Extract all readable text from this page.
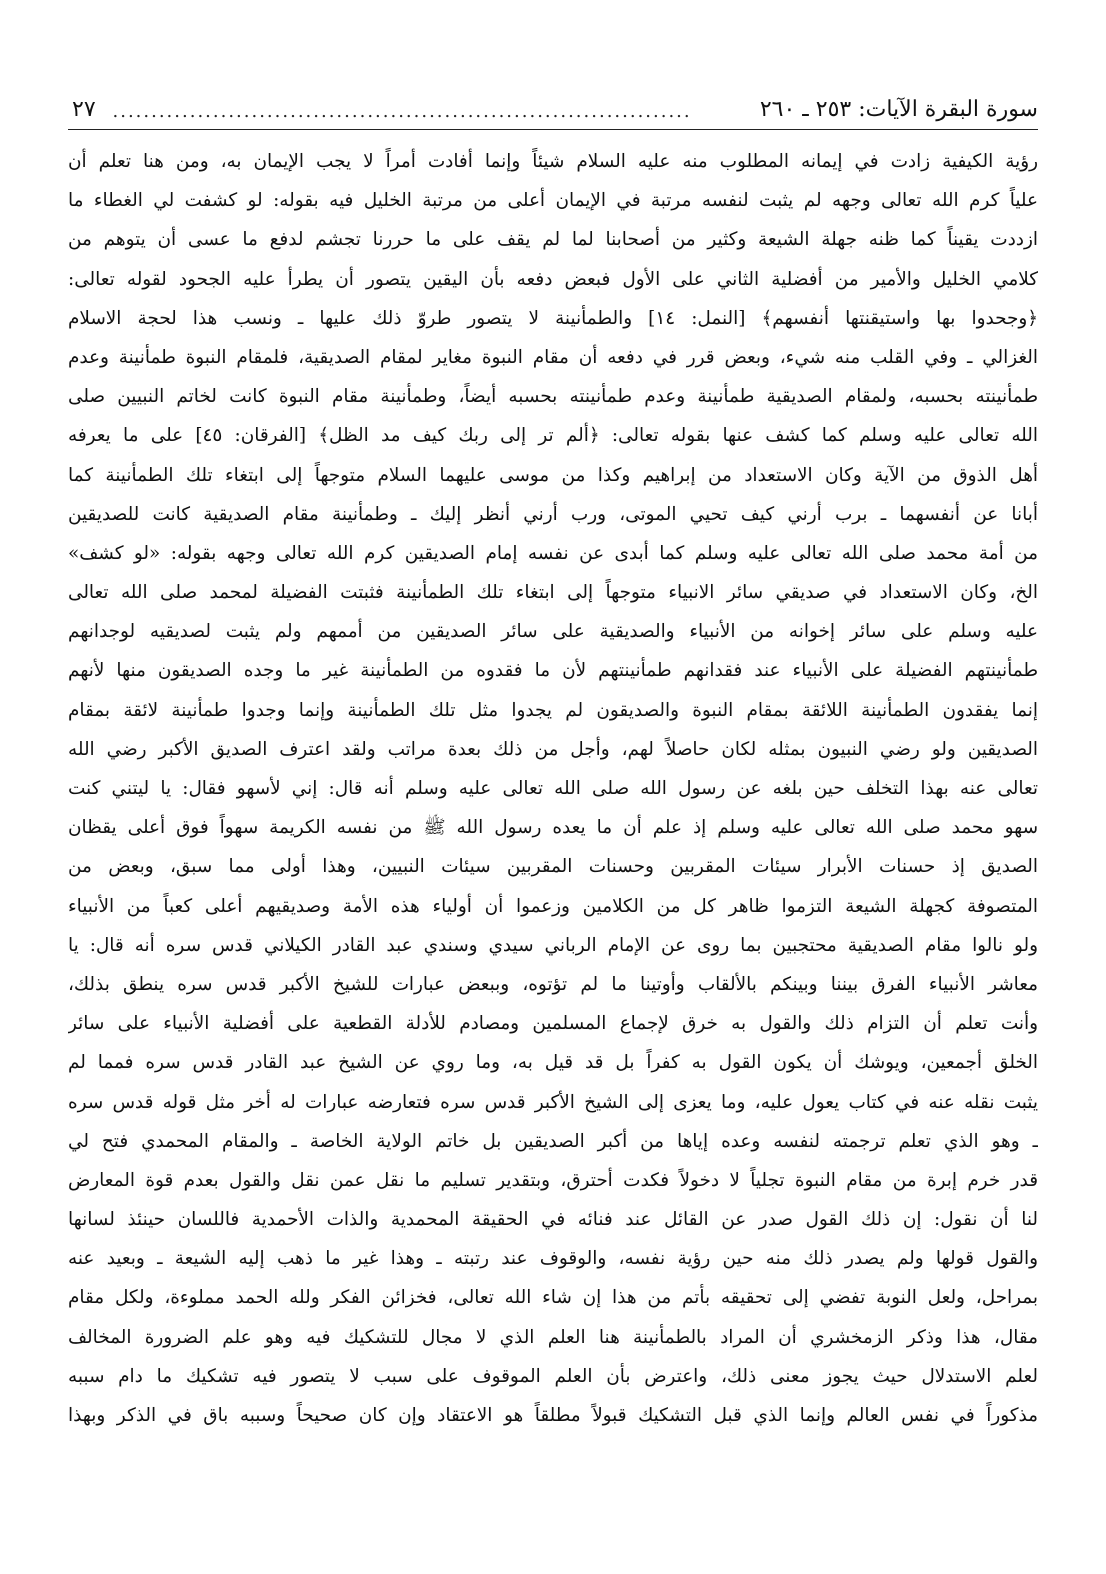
سورة البقرة الآيات: ٢٥٣ ـ ٢٦٠
...........................................................................
٢٧
رؤية الكيفية زادت في إيمانه المطلوب منه عليه السلام شيئاً وإنما أفادت أمراً لا يجب الإيمان به، ومن هنا تعلم أن
علياً كرم الله تعالى وجهه لم يثبت لنفسه مرتبة في الإيمان أعلى من مرتبة الخليل فيه بقوله: لو كشفت لي الغطاء ما
ازددت يقيناً كما ظنه جهلة الشيعة وكثير من أصحابنا لما لم يقف على ما حررنا تجشم لدفع ما عسى أن يتوهم من
كلامي الخليل والأمير من أفضلية الثاني على الأول فبعض دفعه بأن اليقين يتصور أن يطرأ عليه الجحود لقوله تعالى:
﴿وجحدوا بها واستيقنتها أنفسهم﴾ [النمل: ١٤] والطمأنينة لا يتصور طروّ ذلك عليها ـ ونسب هذا لحجة الاسلام
الغزالي ـ وفي القلب منه شيء، وبعض قرر في دفعه أن مقام النبوة مغاير لمقام الصديقية، فلمقام النبوة طمأنينة وعدم
طمأنينته بحسبه، ولمقام الصديقية طمأنينة وعدم طمأنينته بحسبه أيضاً، وطمأنينة مقام النبوة كانت لخاتم النبيين صلى
الله تعالى عليه وسلم كما كشف عنها بقوله تعالى: ﴿ألم تر إلى ربك كيف مد الظل﴾ [الفرقان: ٤٥] على ما يعرفه
أهل الذوق من الآية وكان الاستعداد من إبراهيم وكذا من موسى عليهما السلام متوجهاً إلى ابتغاء تلك الطمأنينة كما
أبانا عن أنفسهما ـ برب أرني كيف تحيي الموتى، ورب أرني أنظر إليك ـ وطمأنينة مقام الصديقية كانت للصديقين
من أمة محمد صلى الله تعالى عليه وسلم كما أبدى عن نفسه إمام الصديقين كرم الله تعالى وجهه بقوله: «لو كشف»
الخ، وكان الاستعداد في صديقي سائر الانبياء متوجهاً إلى ابتغاء تلك الطمأنينة فثبتت الفضيلة لمحمد صلى الله تعالى
عليه وسلم على سائر إخوانه من الأنبياء والصديقية على سائر الصديقين من أممهم ولم يثبت لصديقيه لوجدانهم
طمأنينتهم الفضيلة على الأنبياء عند فقدانهم طمأنينتهم لأن ما فقدوه من الطمأنينة غير ما وجده الصديقون منها لأنهم
إنما يفقدون الطمأنينة اللائقة بمقام النبوة والصديقون لم يجدوا مثل تلك الطمأنينة وإنما وجدوا طمأنينة لائقة بمقام
الصديقين ولو رضي النبيون بمثله لكان حاصلاً لهم، وأجل من ذلك بعدة مراتب ولقد اعترف الصديق الأكبر رضي الله
تعالى عنه بهذا التخلف حين بلغه عن رسول الله صلى الله تعالى عليه وسلم أنه قال: إني لأسهو فقال: يا ليتني كنت
سهو محمد صلى الله تعالى عليه وسلم إذ علم أن ما يعده رسول الله ﷺ من نفسه الكريمة سهواً فوق أعلى يقظان
الصديق إذ حسنات الأبرار سيئات المقربين وحسنات المقربين سيئات النبيين، وهذا أولى مما سبق، وبعض من
المتصوفة كجهلة الشيعة التزموا ظاهر كل من الكلامين وزعموا أن أولياء هذه الأمة وصديقيهم أعلى كعباً من الأنبياء
ولو نالوا مقام الصديقية محتجبين بما روى عن الإمام الرباني سيدي وسندي عبد القادر الكيلاني قدس سره أنه قال: يا
معاشر الأنبياء الفرق بيننا وبينكم بالألقاب وأوتينا ما لم تؤتوه، وببعض عبارات للشيخ الأكبر قدس سره ينطق بذلك،
وأنت تعلم أن التزام ذلك والقول به خرق لإجماع المسلمين ومصادم للأدلة القطعية على أفضلية الأنبياء على سائر
الخلق أجمعين، ويوشك أن يكون القول به كفراً بل قد قيل به، وما روي عن الشيخ عبد القادر قدس سره فمما لم
يثبت نقله عنه في كتاب يعول عليه، وما يعزى إلى الشيخ الأكبر قدس سره فتعارضه عبارات له أخر مثل قوله قدس سره
ـ وهو الذي تعلم ترجمته لنفسه وعده إياها من أكبر الصديقين بل خاتم الولاية الخاصة ـ والمقام المحمدي فتح لي
قدر خرم إبرة من مقام النبوة تجلياً لا دخولاً فكدت أحترق، وبتقدير تسليم ما نقل عمن نقل والقول بعدم قوة المعارض
لنا أن نقول: إن ذلك القول صدر عن القائل عند فنائه في الحقيقة المحمدية والذات الأحمدية فاللسان حينئذ لسانها
والقول قولها ولم يصدر ذلك منه حين رؤية نفسه، والوقوف عند رتبته ـ وهذا غير ما ذهب إليه الشيعة ـ وبعيد عنه
بمراحل، ولعل النوبة تفضي إلى تحقيقه بأتم من هذا إن شاء الله تعالى، فخزائن الفكر ولله الحمد مملوءة، ولكل مقام
مقال، هذا وذكر الزمخشري أن المراد بالطمأنينة هنا العلم الذي لا مجال للتشكيك فيه وهو علم الضرورة المخالف
لعلم الاستدلال حيث يجوز معنى ذلك، واعترض بأن العلم الموقوف على سبب لا يتصور فيه تشكيك ما دام سببه
مذكوراً في نفس العالم وإنما الذي قبل التشكيك قبولاً مطلقاً هو الاعتقاد وإن كان صحيحاً وسببه باق في الذكر وبهذا
